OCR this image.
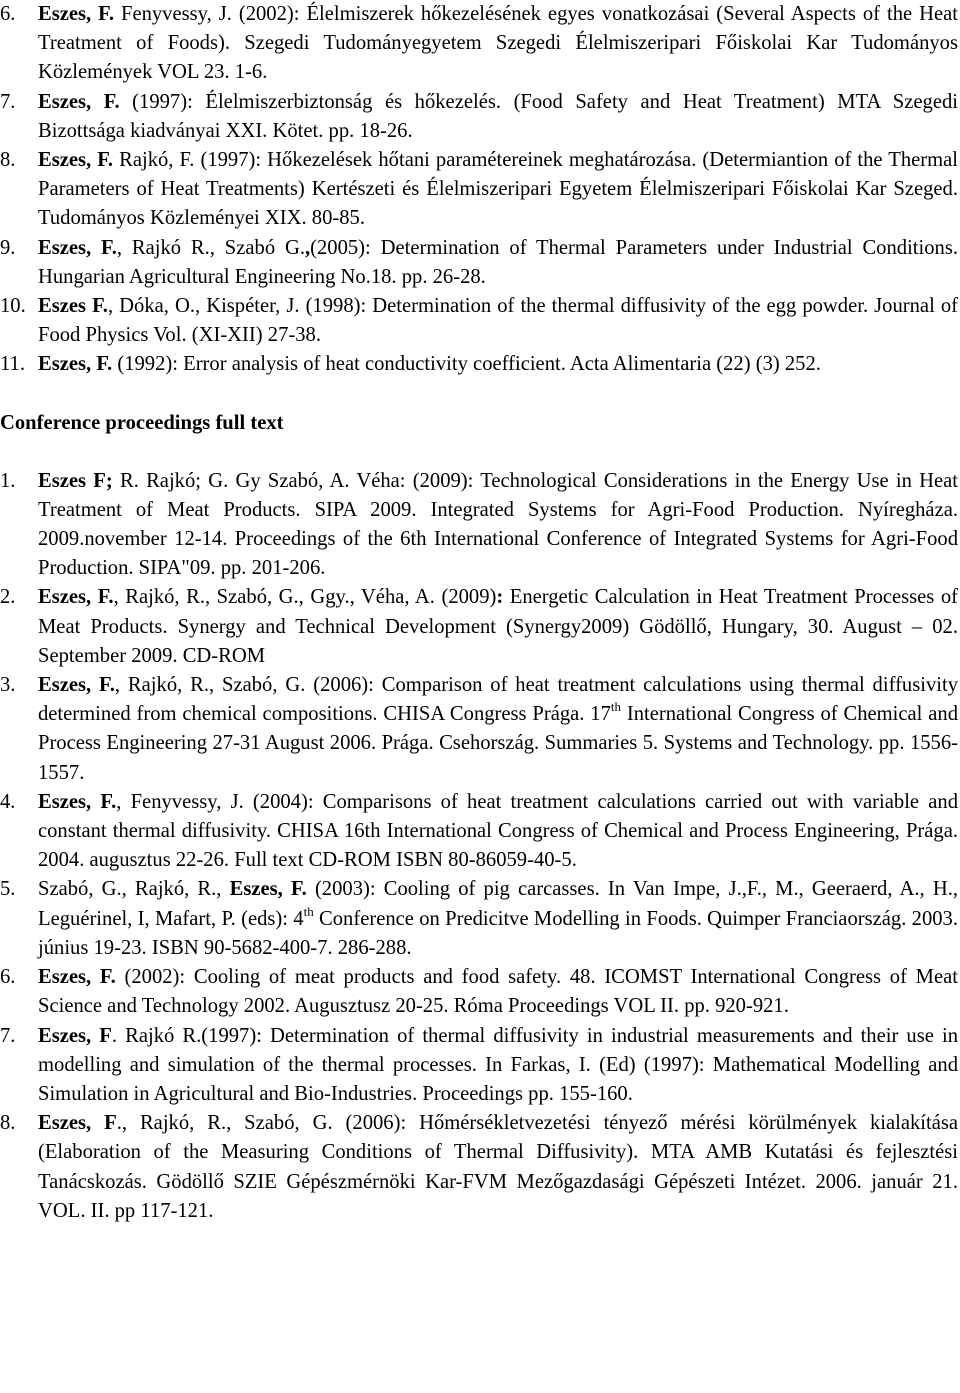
6. Eszes, F. Fenyvessy, J. (2002): Élelmiszerek hőkezelésének egyes vonatkozásai (Several Aspects of the Heat Treatment of Foods). Szegedi Tudományegyetem Szegedi Élelmiszeripari Főiskolai Kar Tudományos Közlemények VOL 23. 1-6.
7. Eszes, F. (1997): Élelmiszerbiztonság és hőkezelés. (Food Safety and Heat Treatment) MTA Szegedi Bizottsága kiadványai XXI. Kötet. pp. 18-26.
8. Eszes, F. Rajkó, F. (1997): Hőkezelések hőtani paramétereinek meghatározása. (Determiantion of the Thermal Parameters of Heat Treatments) Kertészeti és Élelmiszeripari Egyetem Élelmiszeripari Főiskolai Kar Szeged. Tudományos Közleményei XIX. 80-85.
9. Eszes, F., Rajkó R., Szabó G.,(2005): Determination of Thermal Parameters under Industrial Conditions. Hungarian Agricultural Engineering No.18. pp. 26-28.
10. Eszes F., Dóka, O., Kispéter, J. (1998): Determination of the thermal diffusivity of the egg powder. Journal of Food Physics Vol. (XI-XII) 27-38.
11. Eszes, F. (1992): Error analysis of heat conductivity coefficient. Acta Alimentaria (22) (3) 252.

Conference proceedings full text

1. Eszes F; R. Rajkó; G. Gy Szabó, A. Véha: (2009): Technological Considerations in the Energy Use in Heat Treatment of Meat Products. SIPA 2009. Integrated Systems for Agri-Food Production. Nyíregháza. 2009.november 12-14. Proceedings of the 6th International Conference of Integrated Systems for Agri-Food Production. SIPA"09. pp. 201-206.
2. Eszes, F., Rajkó, R., Szabó, G., Ggy., Véha, A. (2009): Energetic Calculation in Heat Treatment Processes of Meat Products. Synergy and Technical Development (Synergy2009) Gödöllő, Hungary, 30. August – 02. September 2009. CD-ROM
3. Eszes, F., Rajkó, R., Szabó, G. (2006): Comparison of heat treatment calculations using thermal diffusivity determined from chemical compositions. CHISA Congress Prága. 17th International Congress of Chemical and Process Engineering 27-31 August 2006. Prága. Csehország. Summaries 5. Systems and Technology. pp. 1556-1557.
4. Eszes, F., Fenyvessy, J. (2004): Comparisons of heat treatment calculations carried out with variable and constant thermal diffusivity. CHISA 16th International Congress of Chemical and Process Engineering, Prága. 2004. augusztus 22-26. Full text CD-ROM ISBN 80-86059-40-5.
5. Szabó, G., Rajkó, R., Eszes, F. (2003): Cooling of pig carcasses. In Van Impe, J.,F., M., Geeraerd, A., H., Leguérinel, I, Mafart, P. (eds): 4th Conference on Predicitve Modelling in Foods. Quimper Franciaország. 2003. június 19-23. ISBN 90-5682-400-7. 286-288.
6. Eszes, F. (2002): Cooling of meat products and food safety. 48. ICOMST International Congress of Meat Science and Technology 2002. Augusztusz 20-25. Róma Proceedings VOL II. pp. 920-921.
7. Eszes, F. Rajkó R.(1997): Determination of thermal diffusivity in industrial measurements and their use in modelling and simulation of the thermal processes. In Farkas, I. (Ed) (1997): Mathematical Modelling and Simulation in Agricultural and Bio-Industries. Proceedings pp. 155-160.
8. Eszes, F., Rajkó, R., Szabó, G. (2006): Hőmérsékletvezetési tényező mérési körülmények kialakítása (Elaboration of the Measuring Conditions of Thermal Diffusivity). MTA AMB Kutatási és fejlesztési Tanácskozás. Gödöllő SZIE Gépészmérnöki Kar-FVM Mezőgazdasági Gépészeti Intézet. 2006. január 21. VOL. II. pp 117-121.
